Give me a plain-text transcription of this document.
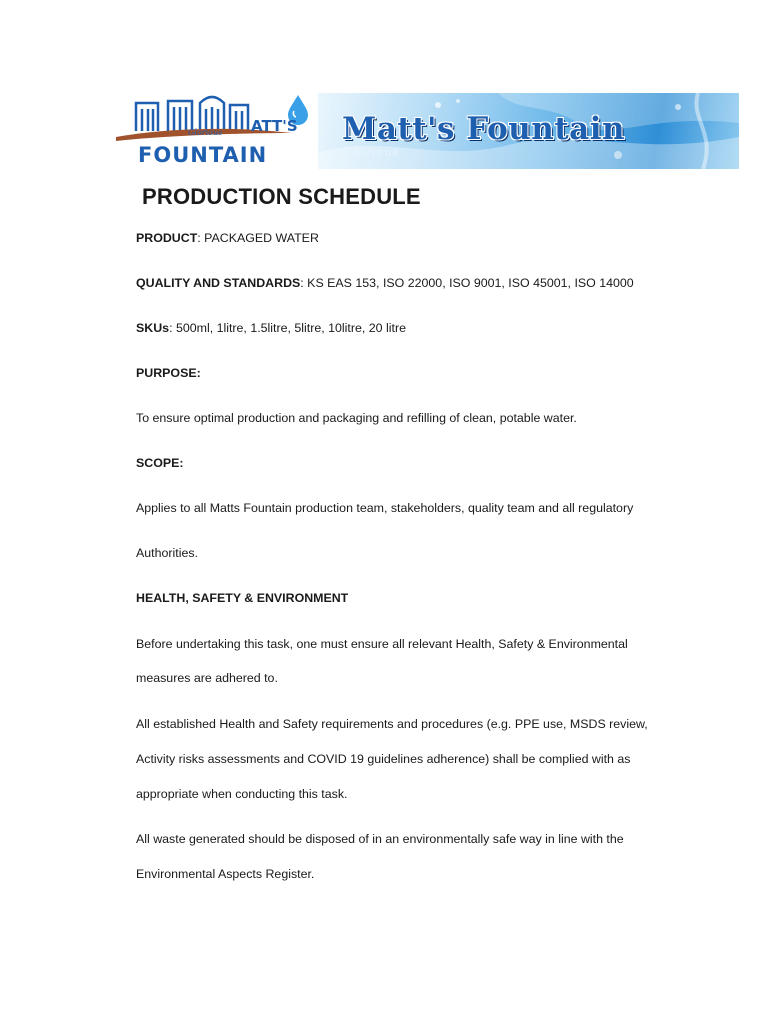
Matt's Fountain
Glorious
ATT'S
Glorious
FOUNTAIN
PRODUCTION SCHEDULE

PRODUCT: PACKAGED WATER

QUALITY AND STANDARDS: KS EAS 153, ISO 22000, ISO 9001, ISO 45001, ISO 14000

SKUs: 500ml, 1litre, 1.5litre, 5litre, 10litre, 20 litre

PURPOSE:

To ensure optimal production and packaging and refilling of clean, potable water.

SCOPE:

Applies to all Matts Fountain production team, stakeholders, quality team and all regulatory

Authorities.

HEALTH, SAFETY & ENVIRONMENT

Before undertaking this task, one must ensure all relevant Health, Safety & Environmental

measures are adhered to.

All established Health and Safety requirements and procedures (e.g. PPE use, MSDS review,

Activity risks assessments and COVID 19 guidelines adherence) shall be complied with as

appropriate when conducting this task.

All waste generated should be disposed of in an environmentally safe way in line with the

Environmental Aspects Register.
